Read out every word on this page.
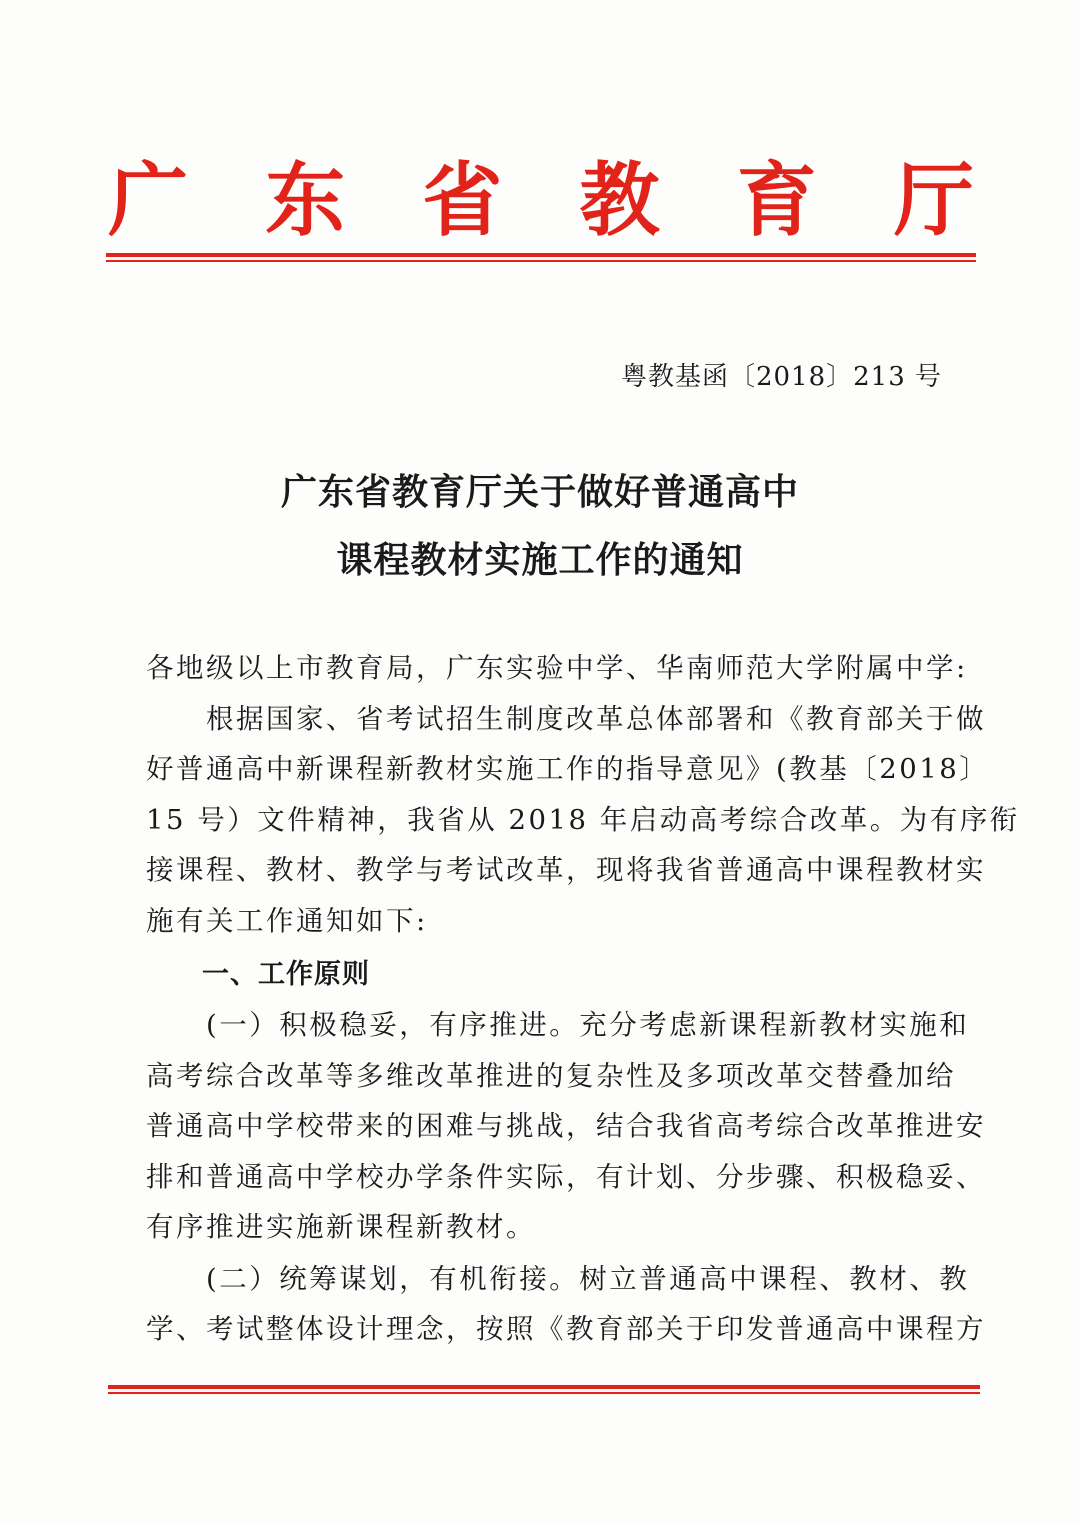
广 东 省 教 育 厅
粤教基函〔2018〕213 号
广东省教育厅关于做好普通高中
课程教材实施工作的通知
各地级以上市教育局，广东实验中学、华南师范大学附属中学:
　　根据国家、省考试招生制度改革总体部署和《教育部关于做
好普通高中新课程新教材实施工作的指导意见》(教基〔2018〕
15 号）文件精神，我省从 2018 年启动高考综合改革。为有序衔
接课程、教材、教学与考试改革，现将我省普通高中课程教材实
施有关工作通知如下:
一、工作原则
　　(一）积极稳妥，有序推进。充分考虑新课程新教材实施和
高考综合改革等多维改革推进的复杂性及多项改革交替叠加给
普通高中学校带来的困难与挑战，结合我省高考综合改革推进安
排和普通高中学校办学条件实际，有计划、分步骤、积极稳妥、
有序推进实施新课程新教材。
　　(二）统筹谋划，有机衔接。树立普通高中课程、教材、教
学、考试整体设计理念，按照《教育部关于印发普通高中课程方
